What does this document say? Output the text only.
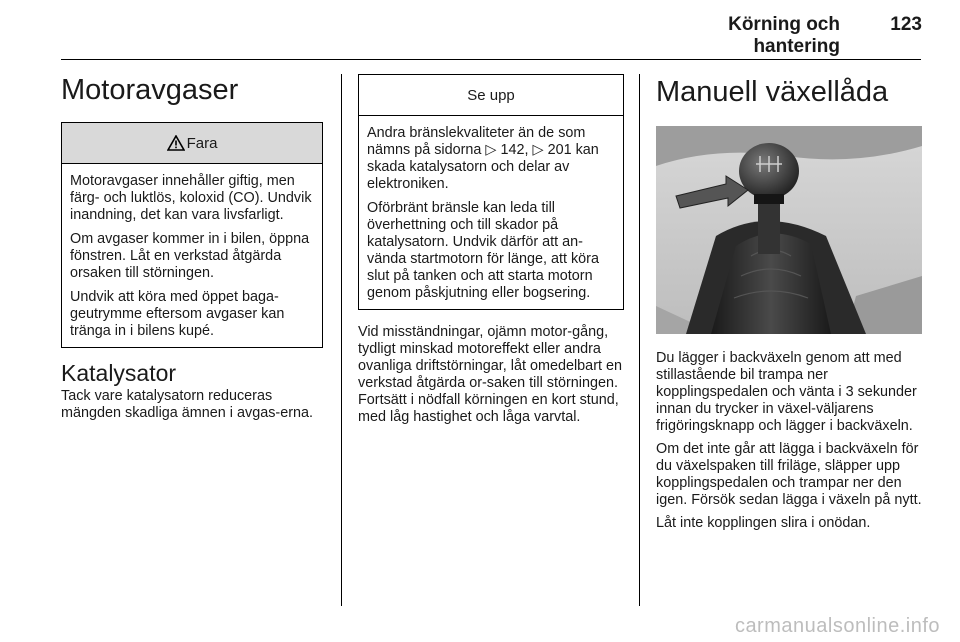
Körning och hantering
123
Motoravgaser
Fara

Motoravgaser innehåller giftig, men färg- och luktlös, koloxid (CO). Undvik inandning, det kan vara livsfarligt.

Om avgaser kommer in i bilen, öppna fönstren. Låt en verkstad åtgärda orsaken till störningen.

Undvik att köra med öppet baga-geutrymme eftersom avgaser kan tränga in i bilens kupé.

Katalysator

Tack vare katalysatorn reduceras mängden skadliga ämnen i avgas-erna.

Se upp

Andra bränslekvaliteter än de som nämns på sidorna ▷ 142, ▷ 201 kan skada katalysatorn och delar av elektroniken.

Oförbränt bränsle kan leda till överhettning och till skador på katalysatorn. Undvik därför att an-vända startmotorn för länge, att köra slut på tanken och att starta motorn genom påskjutning eller bogsering.

Vid misständningar, ojämn motor-gång, tydligt minskad motoreffekt eller andra ovanliga driftstörningar, låt omedelbart en verkstad åtgärda or-saken till störningen. Fortsätt i nödfall körningen en kort stund, med låg hastighet och låga varvtal.

Manuell växellåda

Du lägger i backväxeln genom att med stillastående bil trampa ner kopplingspedalen och vänta i 3 sekunder innan du trycker in växel-väljarens frigöringsknapp och lägger i backväxeln.

Om det inte går att lägga i backväxeln för du växelspaken till friläge, släpper upp kopplingspedalen och trampar ner den igen. Försök sedan lägga i växeln på nytt.

Låt inte kopplingen slira i onödan.

carmanualsonline.info
